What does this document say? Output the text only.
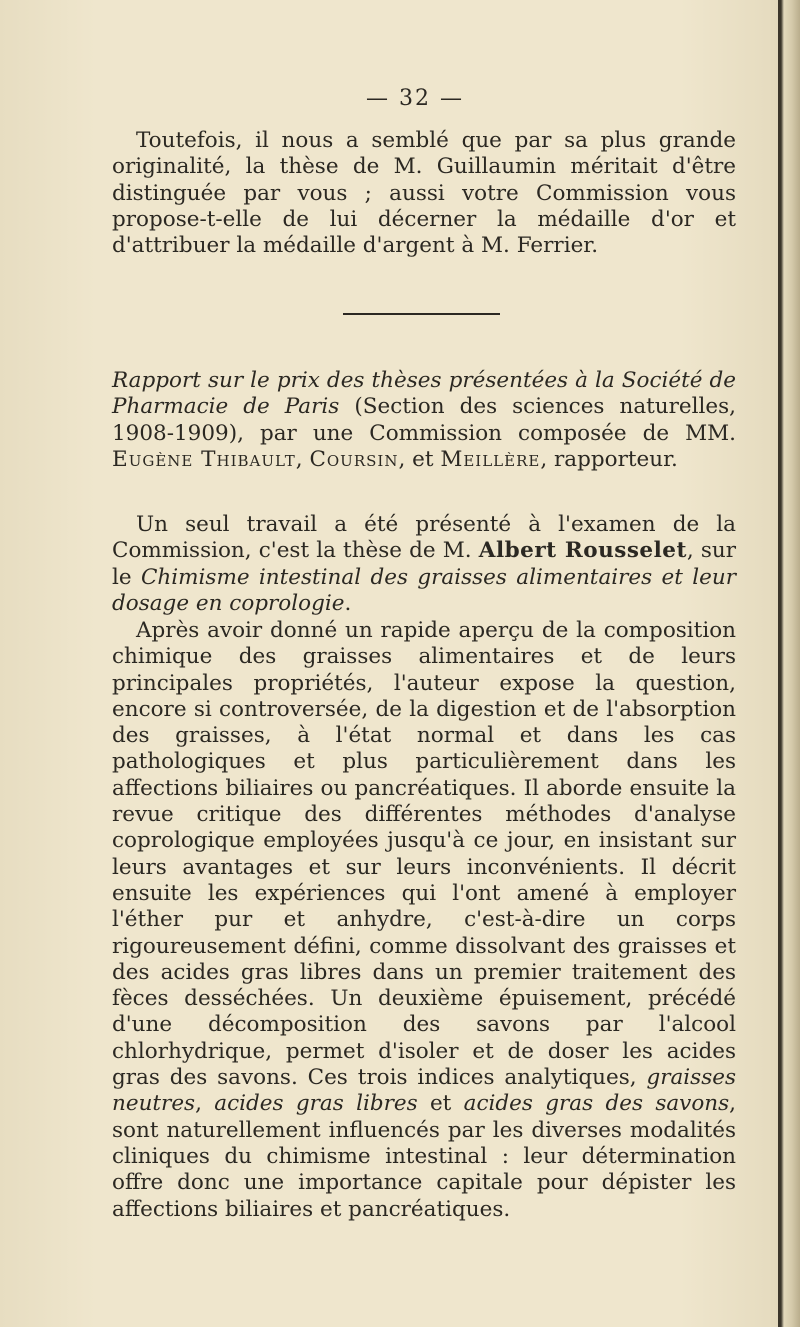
— 32 —
Toutefois, il nous a semblé que par sa plus grande originalité, la thèse de M. Guillaumin méritait d'être distinguée par vous ; aussi votre Commission vous propose-t-elle de lui décerner la médaille d'or et d'attribuer la médaille d'argent à M. Ferrier.
Rapport sur le prix des thèses présentées à la Société de Pharmacie de Paris (Section des sciences naturelles, 1908-1909), par une Commission composée de MM. Eugène Thibault, Coursin, et Meillère, rapporteur.
Un seul travail a été présenté à l'examen de la Commission, c'est la thèse de M. Albert Rousselet, sur le Chimisme intestinal des graisses alimentaires et leur dosage en coprologie.
Après avoir donné un rapide aperçu de la composition chimique des graisses alimentaires et de leurs principales propriétés, l'auteur expose la question, encore si controversée, de la digestion et de l'absorption des graisses, à l'état normal et dans les cas pathologiques et plus particulièrement dans les affections biliaires ou pancréatiques. Il aborde ensuite la revue critique des différentes méthodes d'analyse coprologique employées jusqu'à ce jour, en insistant sur leurs avantages et sur leurs inconvénients. Il décrit ensuite les expériences qui l'ont amené à employer l'éther pur et anhydre, c'est-à-dire un corps rigoureusement défini, comme dissolvant des graisses et des acides gras libres dans un premier traitement des fèces desséchées. Un deuxième épuisement, précédé d'une décomposition des savons par l'alcool chlorhydrique, permet d'isoler et de doser les acides gras des savons. Ces trois indices analytiques, graisses neutres, acides gras libres et acides gras des savons, sont naturellement influencés par les diverses modalités cliniques du chimisme intestinal : leur détermination offre donc une importance capitale pour dépister les affections biliaires et pancréatiques.
